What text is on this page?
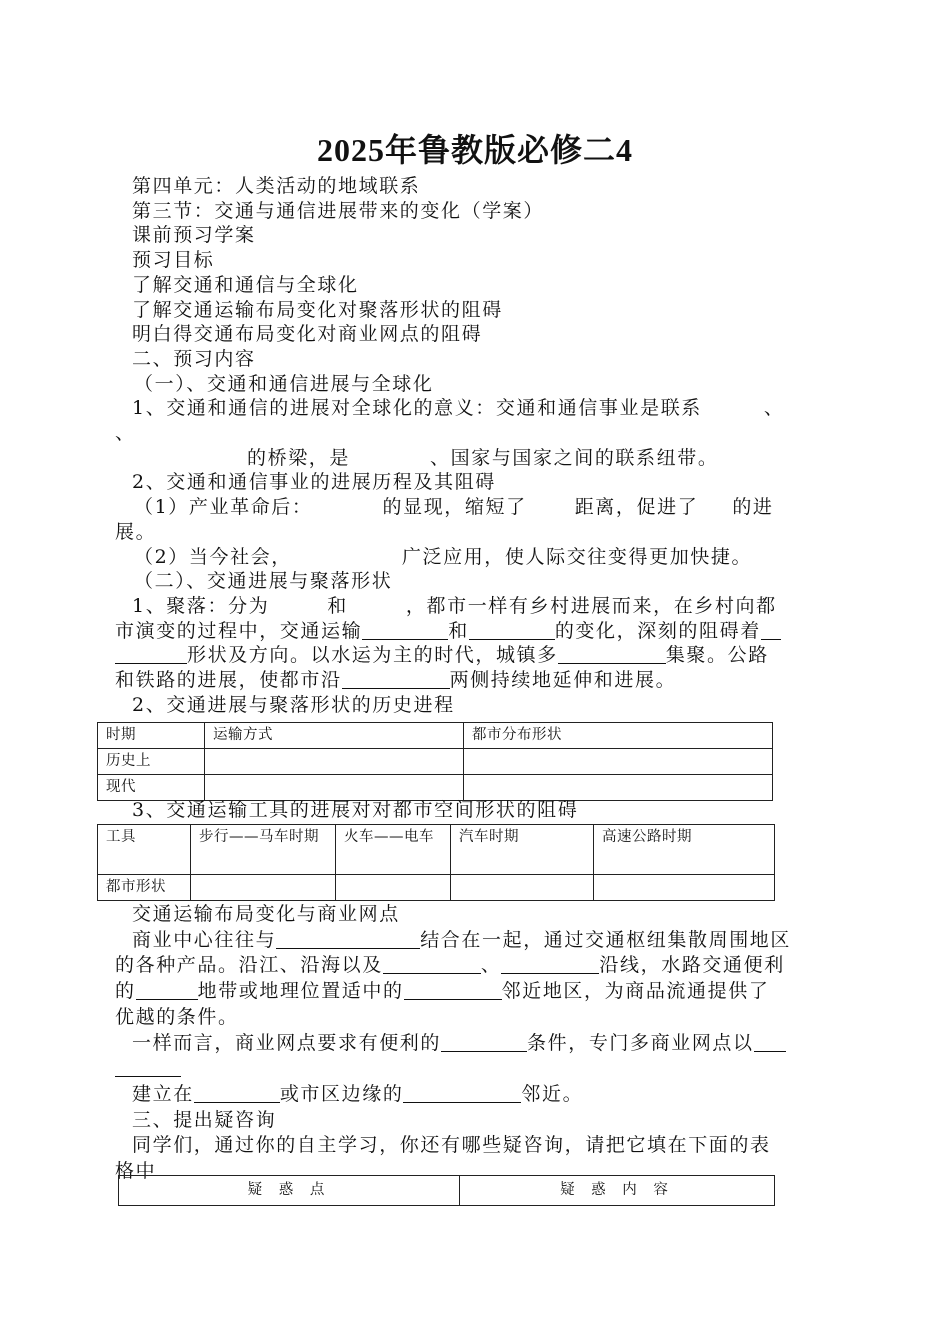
2025年鲁教版必修二4

第四单元：人类活动的地域联系

第三节：交通与通信进展带来的变化（学案）

课前预习学案

预习目标

了解交通和通信与全球化

了解交通运输布局变化对聚落形状的阻碍

明白得交通布局变化对商业网点的阻碍

二、预习内容

（一）、交通和通信进展与全球化

1、交通和通信的进展对全球化的意义：交通和通信事业是联系	、

、

的桥梁，是	、国家与国家之间的联系纽带。

2、交通和通信事业的进展历程及其阻碍

（1）产业革命后：	的显现，缩短了	距离，促进了 的进

展。

（2）当今社会，	广泛应用，使人际交往变得更加快捷。

（二）、交通进展与聚落形状

1、聚落：分为	和	，都市一样有乡村进展而来，在乡村向都

市演变的过程中，交通运输	和	的变化，深刻的阻碍着

形状及方向。以水运为主的时代，城镇多	集聚。公路

和铁路的进展，使都市沿	两侧持续地延伸和进展。

2、交通进展与聚落形状的历史进程

时期	运输方式	都市分布形状
历史上		
现代		
3、交通运输工具的进展对对都市空间形状的阻碍
工具	步行——马车时期	火车——电车	汽车时期	高速公路时期
都市形状				

交通运输布局变化与商业网点

商业中心往往与	结合在一起，通过交通枢纽集散周围地区

的各种产品。沿江、沿海以及	、	沿线，水路交通便利

的	地带或地理位置适中的	邻近地区，为商品流通提供了

优越的条件。

一样而言，商业网点要求有便利的	条件，专门多商业网点以

建立在	或市区边缘的	邻近。

三、提出疑咨询

同学们，通过你的自主学习，你还有哪些疑咨询，请把它填在下面的表

格中

疑 惑 点	疑 惑 内 容
